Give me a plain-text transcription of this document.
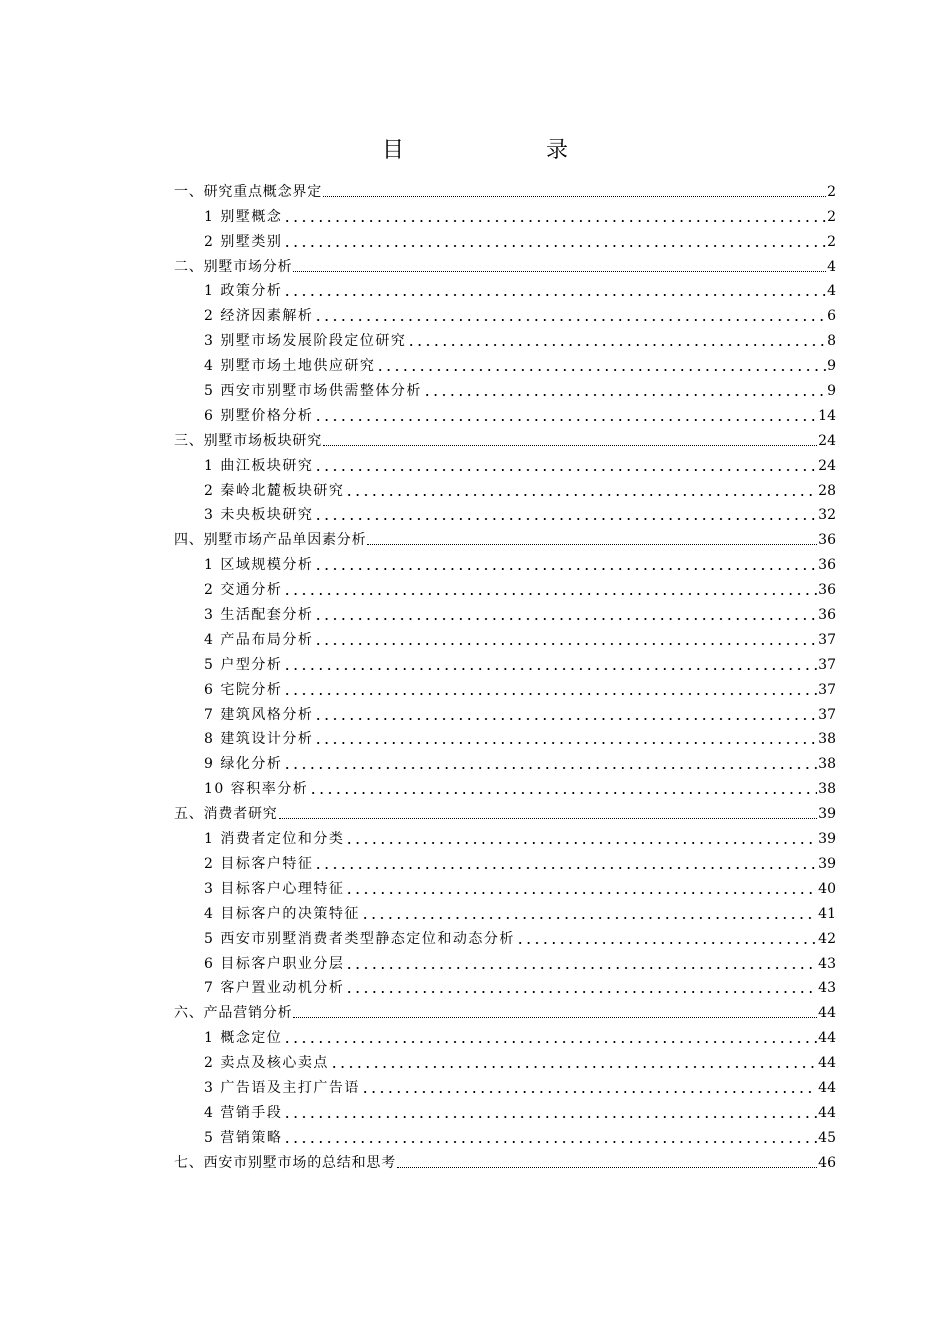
目　录
一、研究重点概念界定	2
1 别墅概念	2
2 别墅类别	2
二、别墅市场分析	4
1 政策分析	4
2 经济因素解析	6
3 别墅市场发展阶段定位研究	8
4 别墅市场土地供应研究	9
5 西安市别墅市场供需整体分析	9
6 别墅价格分析	14
三、别墅市场板块研究	24
1 曲江板块研究	24
2 秦岭北麓板块研究	28
3 未央板块研究	32
四、别墅市场产品单因素分析	36
1 区域规模分析	36
2 交通分析	36
3 生活配套分析	36
4 产品布局分析	37
5 户型分析	37
6 宅院分析	37
7 建筑风格分析	37
8 建筑设计分析	38
9 绿化分析	38
10 容积率分析	38
五、消费者研究	39
1 消费者定位和分类	39
2 目标客户特征	39
3 目标客户心理特征	40
4 目标客户的决策特征	41
5 西安市别墅消费者类型静态定位和动态分析	42
6 目标客户职业分层	43
7 客户置业动机分析	43
六、产品营销分析	44
1 概念定位	44
2 卖点及核心卖点	44
3 广告语及主打广告语	44
4 营销手段	44
5 营销策略	45
七、西安市别墅市场的总结和思考	46
